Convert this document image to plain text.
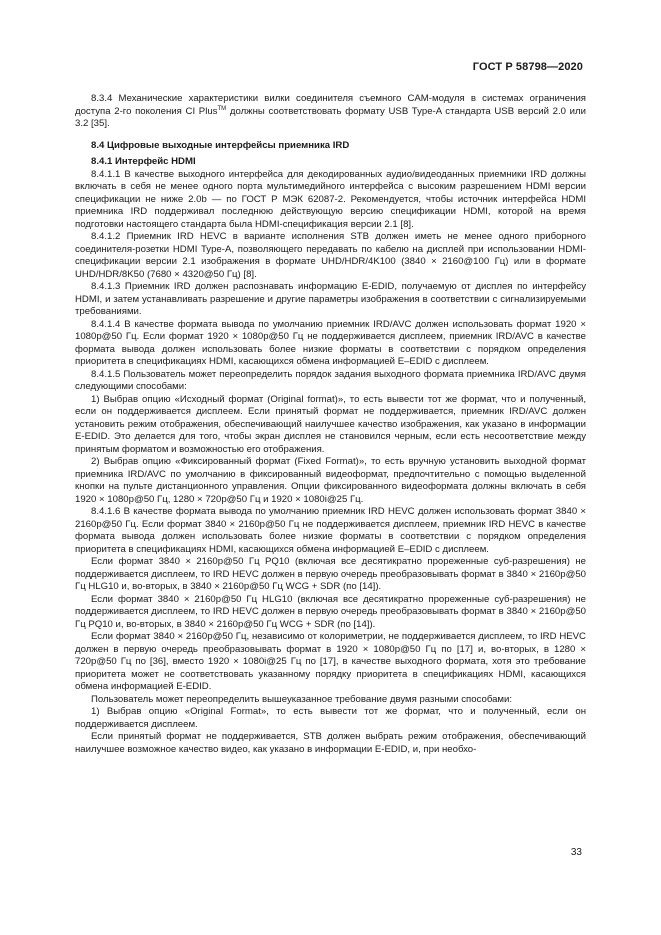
ГОСТ Р 58798—2020

8.3.4 Механические характеристики вилки соединителя съемного CAM-модуля в системах ограничения доступа 2-го поколения CI Plus™ должны соответствовать формату USB Type-A стандарта USB версий 2.0 или 3.2 [35].

8.4 Цифровые выходные интерфейсы приемника IRD

8.4.1 Интерфейс HDMI

8.4.1.1 В качестве выходного интерфейса для декодированных аудио/видеоданных приемники IRD должны включать в себя не менее одного порта мультимедийного интерфейса с высоким разрешением HDMI версии спецификации не ниже 2.0b — по ГОСТ Р МЭК 62087-2. Рекомендуется, чтобы источник интерфейса HDMI приемника IRD поддерживал последнюю действующую версию спецификации HDMI, которой на время подготовки настоящего стандарта была HDMI-спецификация версии 2.1 [8].

8.4.1.2 Приемник IRD HEVC в варианте исполнения STB должен иметь не менее одного приборного соединителя-розетки HDMI Type-A, позволяющего передавать по кабелю на дисплей при использовании HDMI-спецификации версии 2.1 изображения в формате UHD/HDR/4K100 (3840 × 2160@100 Гц) или в формате UHD/HDR/8K50 (7680 × 4320@50 Гц) [8].

8.4.1.3 Приемник IRD должен распознавать информацию E-EDID, получаемую от дисплея по интерфейсу HDMI, и затем устанавливать разрешение и другие параметры изображения в соответствии с сигнализируемыми требованиями.

8.4.1.4 В качестве формата вывода по умолчанию приемник IRD/AVC должен использовать формат 1920 × 1080p@50 Гц. Если формат 1920 × 1080p@50 Гц не поддерживается дисплеем, приемник IRD/AVC в качестве формата вывода должен использовать более низкие форматы в соответствии с порядком определения приоритета в спецификациях HDMI, касающихся обмена информацией E–EDID с дисплеем.

8.4.1.5 Пользователь может переопределить порядок задания выходного формата приемника IRD/AVC двумя следующими способами:

1) Выбрав опцию «Исходный формат (Original format)», то есть вывести тот же формат, что и полученный, если он поддерживается дисплеем. Если принятый формат не поддерживается, приемник IRD/AVC должен установить режим отображения, обеспечивающий наилучшее качество изображения, как указано в информации E-EDID. Это делается для того, чтобы экран дисплея не становился черным, если есть несоответствие между принятым форматом и возможностью его отображения.

2) Выбрав опцию «Фиксированный формат (Fixed Format)», то есть вручную установить выходной формат приемника IRD/AVC по умолчанию в фиксированный видеоформат, предпочтительно с помощью выделенной кнопки на пульте дистанционного управления. Опции фиксированного видеоформата должны включать в себя 1920 × 1080p@50 Гц, 1280 × 720p@50 Гц и 1920 × 1080i@25 Гц.

8.4.1.6 В качестве формата вывода по умолчанию приемник IRD HEVC должен использовать формат 3840 × 2160p@50 Гц. Если формат 3840 × 2160p@50 Гц не поддерживается дисплеем, приемник IRD HEVC в качестве формата вывода должен использовать более низкие форматы в соответствии с порядком определения приоритета в спецификациях HDMI, касающихся обмена информацией E–EDID с дисплеем.

Если формат 3840 × 2160p@50 Гц PQ10 (включая все десятикратно прореженные суб-разрешения) не поддерживается дисплеем, то IRD HEVC должен в первую очередь преобразовывать формат в 3840 × 2160p@50 Гц HLG10 и, во-вторых, в 3840 × 2160p@50 Гц WCG + SDR (по [14]).

Если формат 3840 × 2160p@50 Гц HLG10 (включая все десятикратно прореженные суб-разрешения) не поддерживается дисплеем, то IRD HEVC должен в первую очередь преобразовывать формат в 3840 × 2160p@50 Гц PQ10 и, во-вторых, в 3840 × 2160p@50 Гц WCG + SDR (по [14]).

Если формат 3840 × 2160p@50 Гц, независимо от колориметрии, не поддерживается дисплеем, то IRD HEVC должен в первую очередь преобразовывать формат в 1920 × 1080p@50 Гц по [17] и, во-вторых, в 1280 × 720p@50 Гц по [36], вместо 1920 × 1080i@25 Гц по [17], в качестве выходного формата, хотя это требование приоритета может не соответствовать указанному порядку приоритета в спецификациях HDMI, касающихся обмена информацией E-EDID.

Пользователь может переопределить вышеуказанное требование двумя разными способами:

1) Выбрав опцию «Original Format», то есть вывести тот же формат, что и полученный, если он поддерживается дисплеем.

Если принятый формат не поддерживается, STB должен выбрать режим отображения, обеспечивающий наилучшее возможное качество видео, как указано в информации E-EDID, и, при необхо-

33
